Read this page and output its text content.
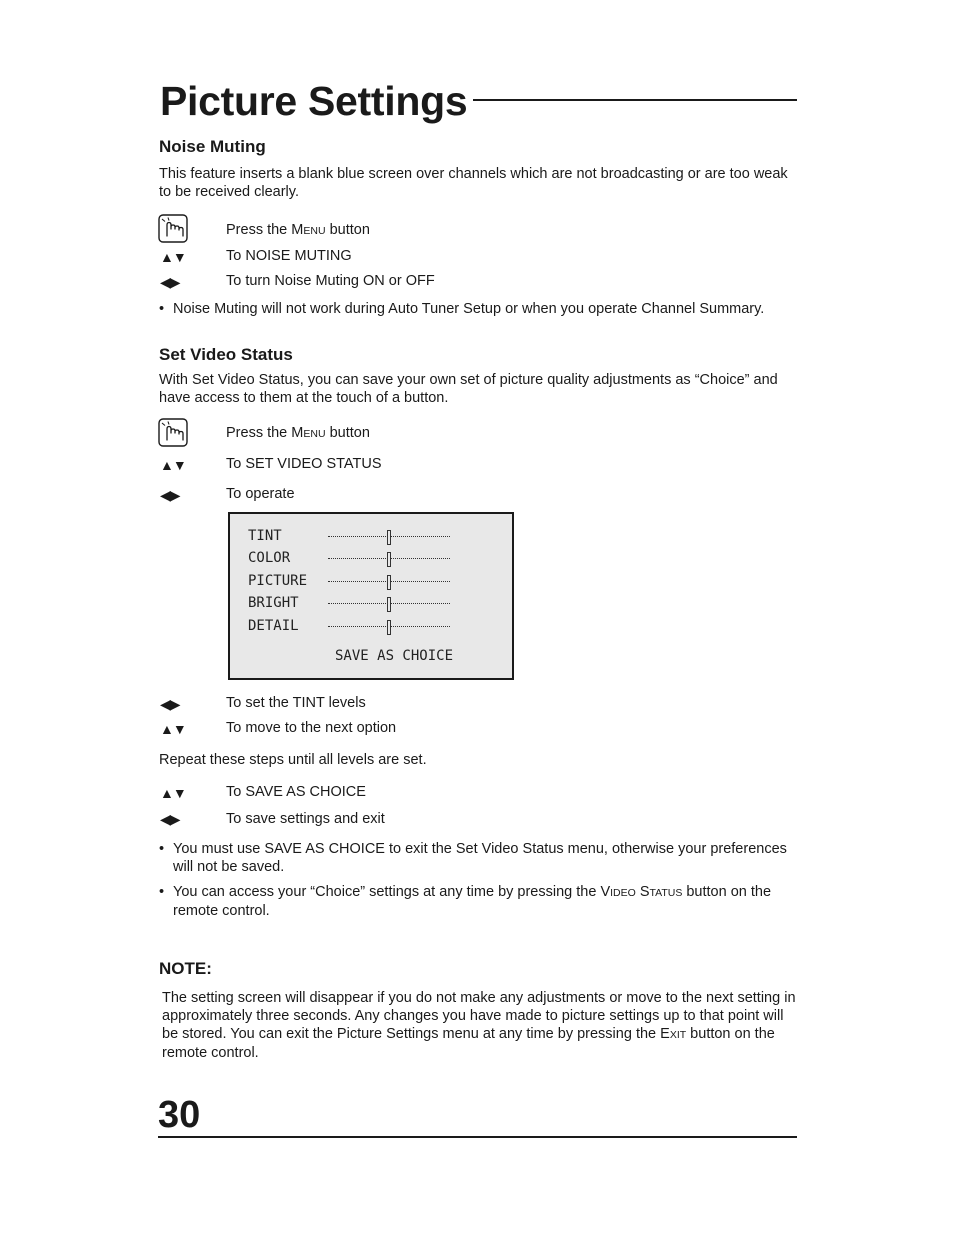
Picture Settings
Noise Muting
This feature inserts a blank blue screen over channels which are not broadcasting or are too weak to be received clearly.
Press the MENU button
▲▼	To NOISE MUTING
◀▶	To turn Noise Muting ON or OFF
• Noise Muting will not work during Auto Tuner Setup or when you operate Channel Summary.
Set Video Status
With Set Video Status, you can save your own set of picture quality adjustments as “Choice” and have access to them at the touch of a button.
Press the MENU button
▲▼	To SET VIDEO STATUS
◀▶	To operate
TINT
COLOR
PICTURE
BRIGHT
DETAIL
SAVE AS CHOICE
◀▶	To set the TINT levels
▲▼	To move to the next option
Repeat these steps until all levels are set.
▲▼	To SAVE AS CHOICE
◀▶	To save settings and exit
• You must use SAVE AS CHOICE to exit the Set Video Status menu, otherwise your preferences will not be saved.
• You can access your “Choice” settings at any time by pressing the VIDEO STATUS button on the remote control.
NOTE:
The setting screen will disappear if you do not make any adjustments or move to the next setting in approximately three seconds. Any changes you have made to picture settings up to that point will be stored. You can exit the Picture Settings menu at any time by pressing the EXIT button on the remote control.
30
